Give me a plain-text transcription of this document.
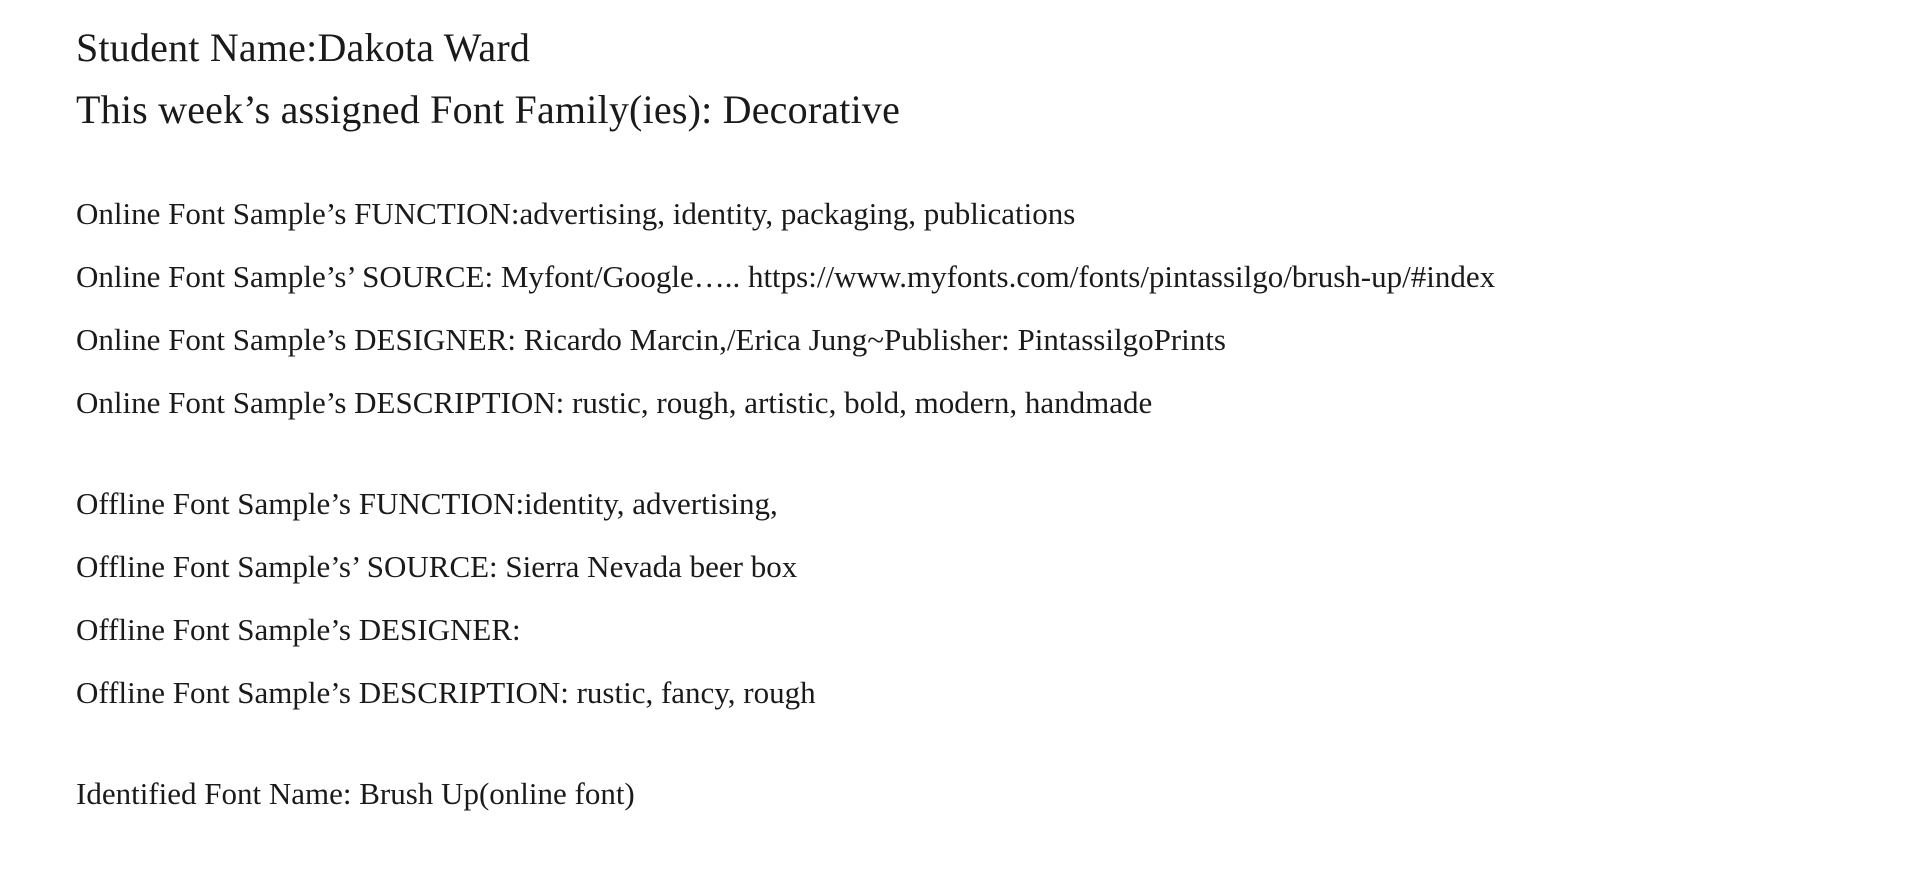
Student Name:Dakota Ward
This week’s assigned Font Family(ies): Decorative
Online Font Sample’s FUNCTION:advertising, identity, packaging, publications
Online Font Sample’s’ SOURCE: Myfont/Google….. https://www.myfonts.com/fonts/pintassilgo/brush-up/#index
Online Font Sample’s DESIGNER: Ricardo Marcin,/Erica Jung~Publisher: PintassilgoPrints
Online Font Sample’s DESCRIPTION: rustic, rough, artistic, bold, modern, handmade
Offline Font Sample’s FUNCTION:identity, advertising,
Offline Font Sample’s’ SOURCE: Sierra Nevada beer box
Offline Font Sample’s DESIGNER:
Offline Font Sample’s DESCRIPTION: rustic, fancy, rough
Identified Font Name: Brush Up(online font)
